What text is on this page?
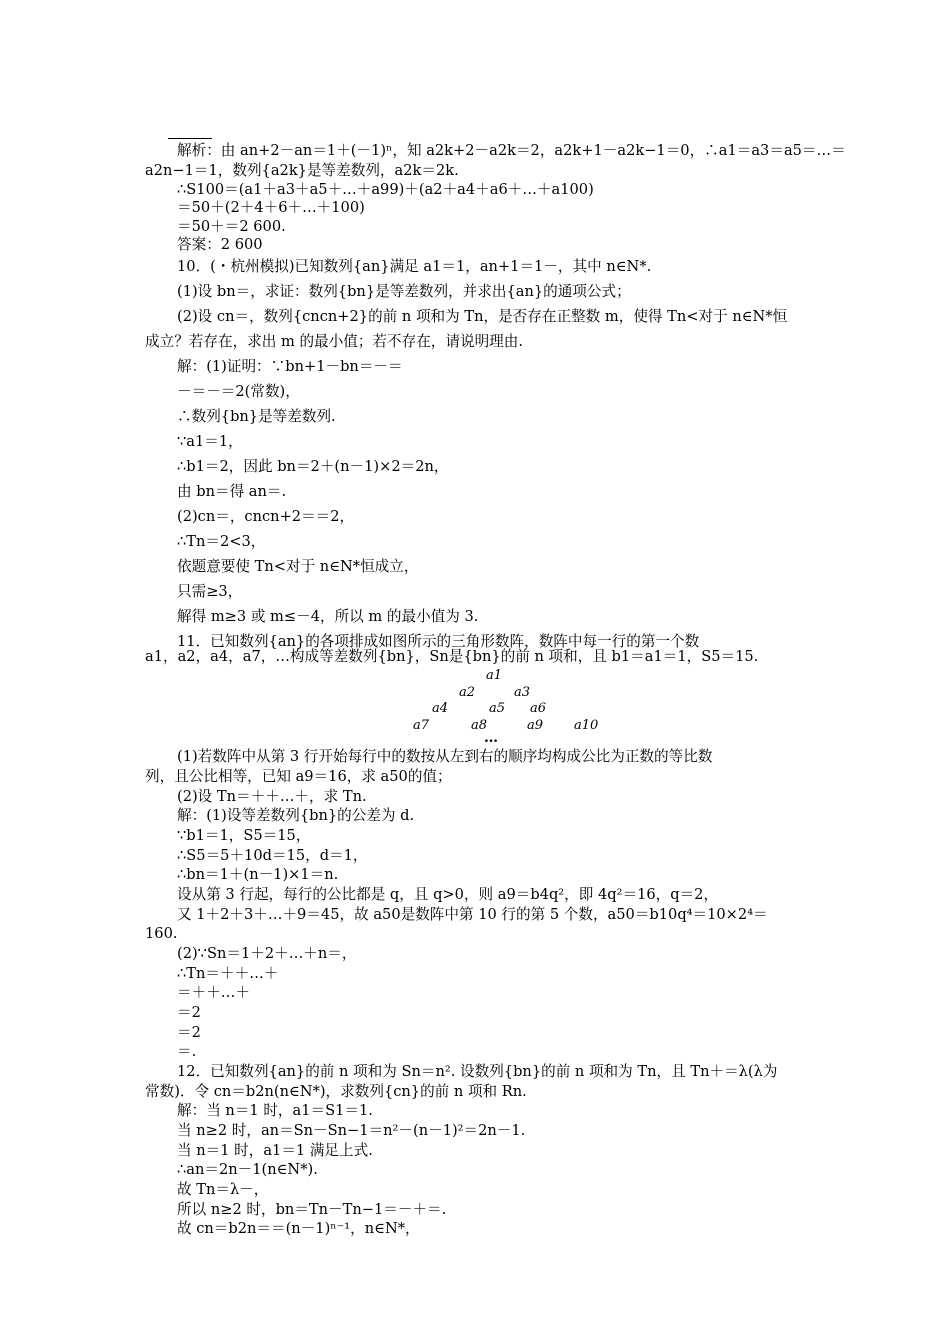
解析：由 an+2－an＝1＋(－1)ⁿ，知 a2k+2－a2k＝2，a2k+1－a2k−1＝0，∴a1＝a3＝a5＝…＝
a2n−1＝1，数列{a2k}是等差数列，a2k＝2k.
∴S100＝(a1＋a3＋a5＋…＋a99)＋(a2＋a4＋a6＋…＋a100)
＝50＋(2＋4＋6＋…＋100)
＝50＋＝2 600.
答案：2 600
10．(・杭州模拟)已知数列{an}满足 a1＝1，an+1＝1－，其中 n∈N*.
(1)设 bn＝，求证：数列{bn}是等差数列，并求出{an}的通项公式；
(2)设 cn＝，数列{cncn+2}的前 n 项和为 Tn，是否存在正整数 m，使得 Tn<对于 n∈N*恒
成立？若存在，求出 m 的最小值；若不存在，请说明理由.
解：(1)证明：∵bn+1－bn＝－＝
－＝－＝2(常数)，
∴数列{bn}是等差数列.
∵a1＝1，
∴b1＝2，因此 bn＝2＋(n－1)×2＝2n，
由 bn＝得 an＝.
(2)cn＝，cncn+2＝＝2，
∴Tn＝2<3，
依题意要使 Tn<对于 n∈N*恒成立，
只需≥3，
解得 m≥3 或 m≤－4，所以 m 的最小值为 3.
11．已知数列{an}的各项排成如图所示的三角形数阵，数阵中每一行的第一个数
a1，a2，a4，a7，…构成等差数列{bn}，Sn是{bn}的前 n 项和，且 b1＝a1＝1，S5＝15.
(1)若数阵中从第 3 行开始每行中的数按从左到右的顺序均构成公比为正数的等比数
列，且公比相等，已知 a9＝16，求 a50的值；
(2)设 Tn＝＋＋…＋，求 Tn.
解：(1)设等差数列{bn}的公差为 d.
∵b1＝1，S5＝15，
∴S5＝5＋10d＝15，d＝1，
∴bn＝1＋(n－1)×1＝n.
设从第 3 行起，每行的公比都是 q，且 q>0，则 a9＝b4q²，即 4q²＝16，q＝2，
又 1＋2＋3＋…＋9＝45，故 a50是数阵中第 10 行的第 5 个数，a50＝b10q⁴＝10×2⁴＝
160.
(2)∵Sn＝1＋2＋…＋n＝，
∴Tn＝＋＋…＋
＝＋＋…＋
＝2
＝2
＝.
12．已知数列{an}的前 n 项和为 Sn＝n². 设数列{bn}的前 n 项和为 Tn，且 Tn＋＝λ(λ为
常数)．令 cn＝b2n(n∈N*)，求数列{cn}的前 n 项和 Rn.
解：当 n＝1 时，a1＝S1＝1.
当 n≥2 时，an＝Sn－Sn−1＝n²－(n－1)²＝2n－1.
当 n＝1 时，a1＝1 满足上式.
∴an＝2n－1(n∈N*).
故 Tn＝λ－，
所以 n≥2 时，bn＝Tn－Tn−1＝－＋＝.
故 cn＝b2n＝＝(n－1)ⁿ⁻¹，n∈N*，
a1
a2	a3
a4	a5 a6
a7	a8	a9 a10
…
